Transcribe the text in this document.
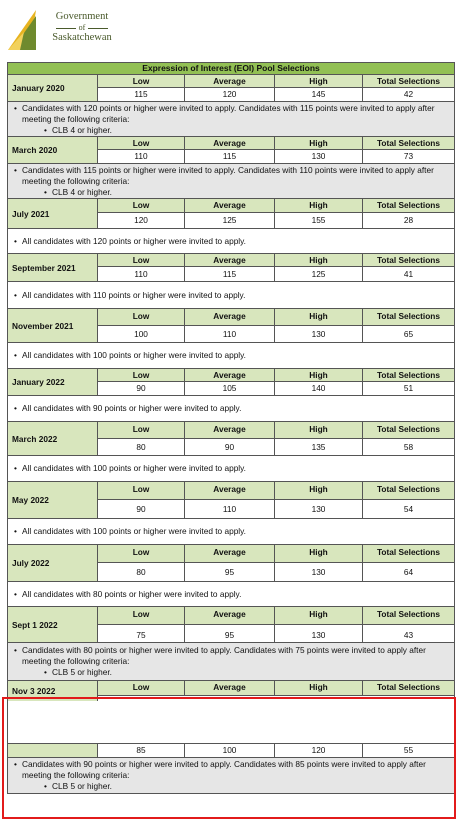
Government
of
Saskatchewan
Expression of Interest (EOI) Pool Selections
January 2020
Low	Average	High	Total Selections
115	120	145	42
• Candidates with 120 points or higher were invited to apply. Candidates with 115 points were invited to apply after meeting the following criteria:

• CLB 4 or higher.

March 2020
Low	Average	High	Total Selections
110	115	130	73
• Candidates with 115 points or higher were invited to apply. Candidates with 110 points were invited to apply after meeting the following criteria:

• CLB 4 or higher.

July 2021
Low	Average	High	Total Selections
120	125	155	28
• All candidates with 120 points or higher were invited to apply.

September 2021
Low	Average	High	Total Selections
110	115	125	41
• All candidates with 110 points or higher were invited to apply.

November 2021
Low	Average	High	Total Selections
100	110	130	65
• All candidates with 100 points or higher were invited to apply.

January 2022
Low	Average	High	Total Selections
90	105	140	51
• All candidates with 90 points or higher were invited to apply.

March 2022
Low	Average	High	Total Selections
80	90	135	58
• All candidates with 100 points or higher were invited to apply.

May 2022
Low	Average	High	Total Selections
90	110	130	54
• All candidates with 100 points or higher were invited to apply.

July 2022
Low	Average	High	Total Selections
80	95	130	64
• All candidates with 80 points or higher were invited to apply.

Sept 1 2022
Low	Average	High	Total Selections
75	95	130	43
• Candidates with 80 points or higher were invited to apply. Candidates with 75 points were invited to apply after meeting the following criteria:

• CLB 5 or higher.

Nov 3 2022	Low	Average	High	Total Selections
85	100	120	55
• Candidates with 90 points or higher were invited to apply. Candidates with 85 points were invited to apply after meeting the following criteria:

• CLB 5 or higher.
